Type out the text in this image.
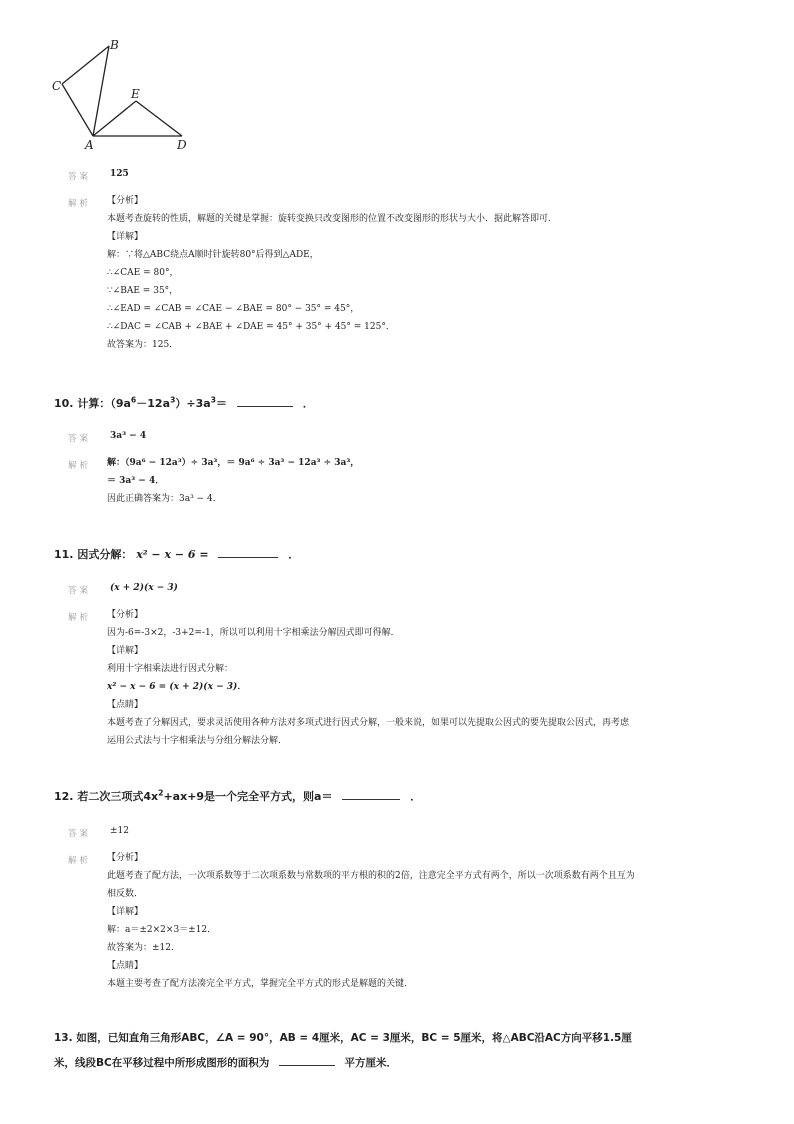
B
C
E
A	D
答案 125
解析 【分析】
本题考查旋转的性质，解题的关键是掌握：旋转变换只改变图形的位置不改变图形的形状与大小．据此解答即可．
【详解】
解：∵将△ABC绕点A顺时针旋转80°后得到△ADE，
∴∠CAE = 80°，
∵∠BAE = 35°，
∴∠EAD = ∠CAB = ∠CAE − ∠BAE = 80° − 35° = 45°，
∴∠DAC = ∠CAB + ∠BAE + ∠DAE = 45° + 35° + 45° = 125°．
故答案为：125．
10. 计算：$(9a^6-12a^3)\div 3a^3=$	．
答案 3a³ − 4
解析 解：（9a⁶ − 12a³）÷ 3a³，＝ 9a⁶ ÷ 3a³ − 12a³ ÷ 3a³，
＝ 3a³ − 4．
因此正确答案为：3a³ − 4．
11. 因式分解： x² − x − 6 =	．
答案 (x + 2)(x − 3)
解析 【分析】
因为-6=-3×2，-3+2=-1，所以可以利用十字相乘法分解因式即可得解．
【详解】
利用十字相乘法进行因式分解：
x² − x − 6 = (x + 2)(x − 3)．
【点睛】
本题考查了分解因式，要求灵活使用各种方法对多项式进行因式分解，一般来说，如果可以先提取公因式的要先提取公因式，再考虑
运用公式法与十字相乘法与分组分解法分解．
12. 若二次三项式$4x^2+ax+9$是一个完全平方式，则a＝	．
答案 ±12
解析 【分析】
此题考查了配方法，一次项系数等于二次项系数与常数项的平方根的积的2倍，注意完全平方式有两个，所以一次项系数有两个且互为
相反数．
【详解】
解：a＝±2×2×3＝±12．
故答案为：±12．
【点睛】
本题主要考查了配方法凑完全平方式，掌握完全平方式的形式是解题的关键．
13. 如图，已知直角三角形ABC，∠A = 90°，AB = 4厘米，AC = 3厘米，BC = 5厘米，将△ABC沿AC方向平移1.5厘
米，线段BC在平移过程中所形成图形的面积为	平方厘米．
